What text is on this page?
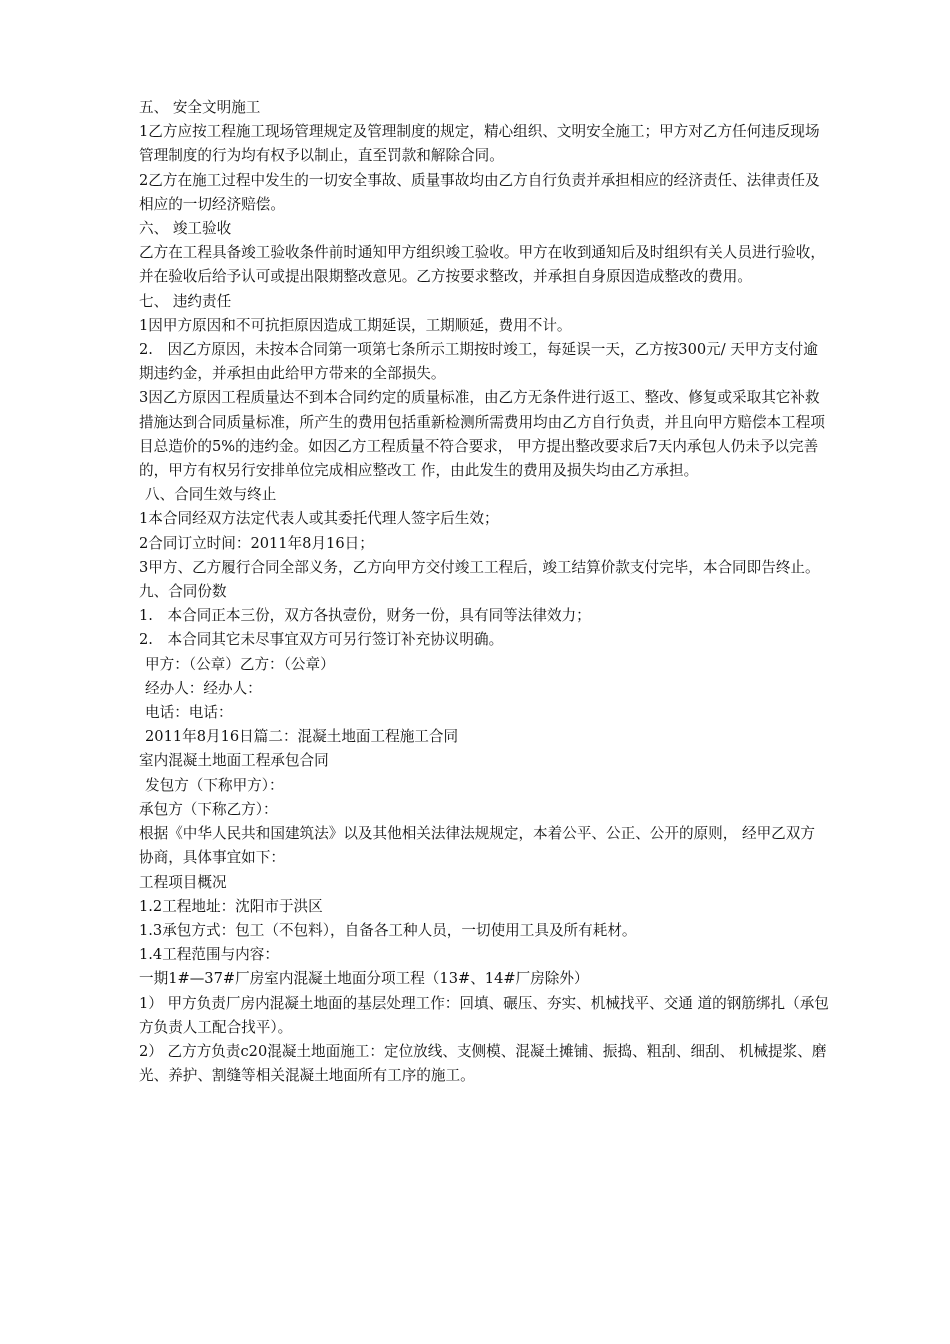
五、 安全文明施工

1乙方应按工程施工现场管理规定及管理制度的规定，精心组织、文明安全施工；甲方对乙方任何违反现场管理制度的行为均有权予以制止，直至罚款和解除合同。

2乙方在施工过程中发生的一切安全事故、质量事故均由乙方自行负责并承担相应的经济责任、法律责任及相应的一切经济赔偿。

六、 竣工验收

乙方在工程具备竣工验收条件前时通知甲方组织竣工验收。甲方在收到通知后及时组织有关人员进行验收，并在验收后给予认可或提出限期整改意见。乙方按要求整改，并承担自身原因造成整改的费用。

七、 违约责任

1因甲方原因和不可抗拒原因造成工期延误，工期顺延，费用不计。

2.　因乙方原因，未按本合同第一项第七条所示工期按时竣工，每延误一天，乙方按300元/ 天甲方支付逾期违约金，并承担由此给甲方带来的全部损失。

3因乙方原因工程质量达不到本合同约定的质量标准，由乙方无条件进行返工、整改、修复或采取其它补救措施达到合同质量标准，所产生的费用包括重新检测所需费用均由乙方自行负责，并且向甲方赔偿本工程项目总造价的5%的违约金。如因乙方工程质量不符合要求， 甲方提出整改要求后7天内承包人仍未予以完善的，甲方有权另行安排单位完成相应整改工 作，由此发生的费用及损失均由乙方承担。

八、合同生效与终止

1本合同经双方法定代表人或其委托代理人签字后生效；

2合同订立时间：2011年8月16日；

3甲方、乙方履行合同全部义务，乙方向甲方交付竣工工程后，竣工结算价款支付完毕，本合同即告终止。

九、合同份数

1.　本合同正本三份，双方各执壹份，财务一份，具有同等法律效力；

2.　本合同其它未尽事宜双方可另行签订补充协议明确。

甲方：（公章）乙方：（公章）

经办人：经办人：

电话：电话：

2011年8月16日篇二：混凝土地面工程施工合同

室内混凝土地面工程承包合同

发包方（下称甲方）：

承包方（下称乙方）：

根据《中华人民共和国建筑法》以及其他相关法律法规规定，本着公平、公正、公开的原则， 经甲乙双方协商，具体事宜如下：

工程项目概况

1.2工程地址：沈阳市于洪区

1.3承包方式：包工（不包料），自备各工种人员，一切使用工具及所有耗材。

1.4工程范围与内容：

一期1#—37#厂房室内混凝土地面分项工程（13#、14#厂房除外）

1） 甲方负责厂房内混凝土地面的基层处理工作：回填、碾压、夯实、机械找平、交通 道的钢筋绑扎（承包方负责人工配合找平）。

2） 乙方方负责c20混凝土地面施工：定位放线、支侧模、混凝土摊铺、振捣、粗刮、细刮、 机械提浆、磨光、养护、割缝等相关混凝土地面所有工序的施工。
